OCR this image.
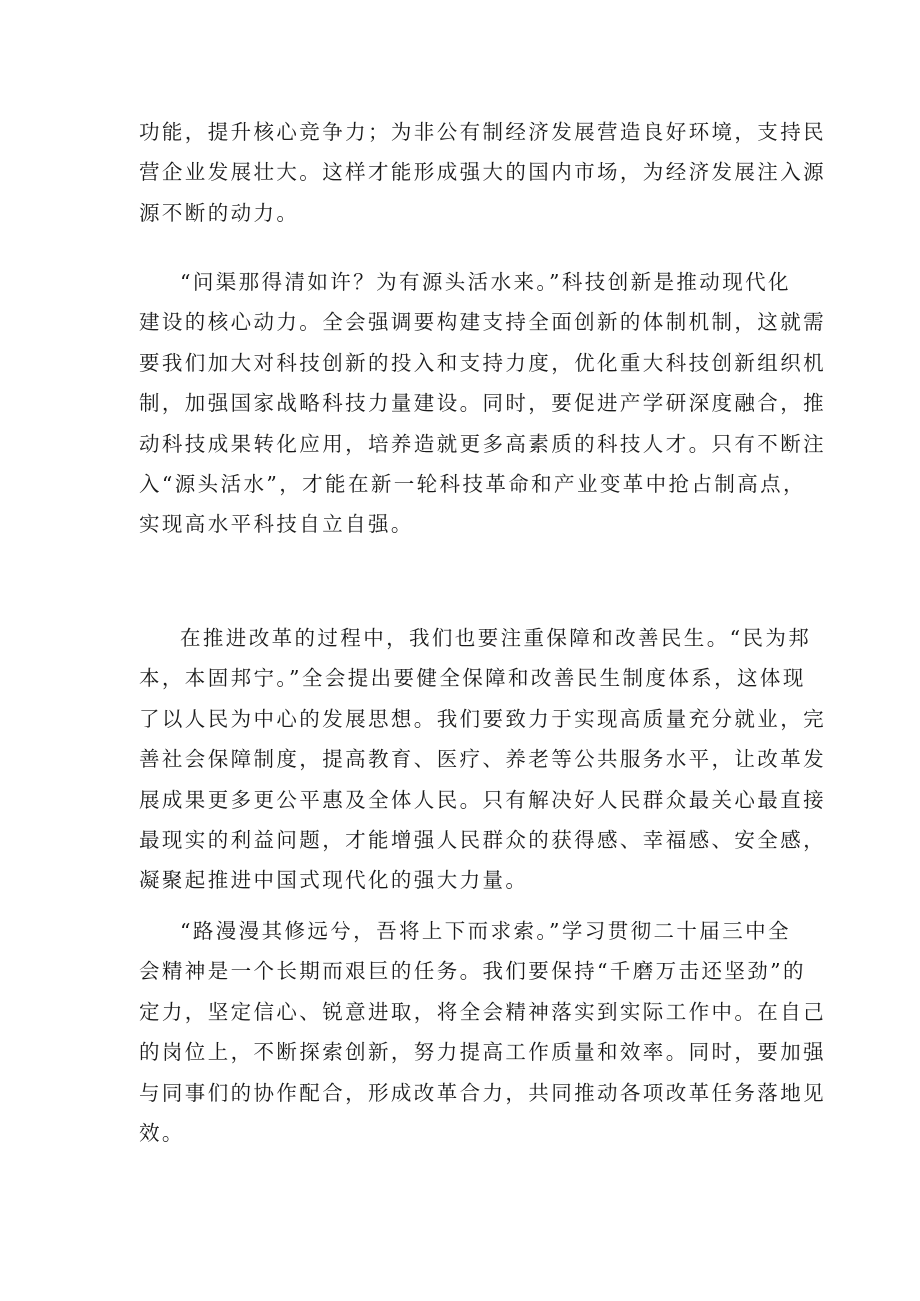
功能，提升核心竞争力；为非公有制经济发展营造良好环境，支持民
营企业发展壮大。这样才能形成强大的国内市场，为经济发展注入源
源不断的动力。

“问渠那得清如许？为有源头活水来。”科技创新是推动现代化
建设的核心动力。全会强调要构建支持全面创新的体制机制，这就需
要我们加大对科技创新的投入和支持力度，优化重大科技创新组织机
制，加强国家战略科技力量建设。同时，要促进产学研深度融合，推
动科技成果转化应用，培养造就更多高素质的科技人才。只有不断注
入“源头活水”，才能在新一轮科技革命和产业变革中抢占制高点，
实现高水平科技自立自强。

在推进改革的过程中，我们也要注重保障和改善民生。“民为邦
本，本固邦宁。”全会提出要健全保障和改善民生制度体系，这体现
了以人民为中心的发展思想。我们要致力于实现高质量充分就业，完
善社会保障制度，提高教育、医疗、养老等公共服务水平，让改革发
展成果更多更公平惠及全体人民。只有解决好人民群众最关心最直接
最现实的利益问题，才能增强人民群众的获得感、幸福感、安全感，
凝聚起推进中国式现代化的强大力量。

“路漫漫其修远兮，吾将上下而求索。”学习贯彻二十届三中全
会精神是一个长期而艰巨的任务。我们要保持“千磨万击还坚劲”的
定力，坚定信心、锐意进取，将全会精神落实到实际工作中。在自己
的岗位上，不断探索创新，努力提高工作质量和效率。同时，要加强
与同事们的协作配合，形成改革合力，共同推动各项改革任务落地见
效。
